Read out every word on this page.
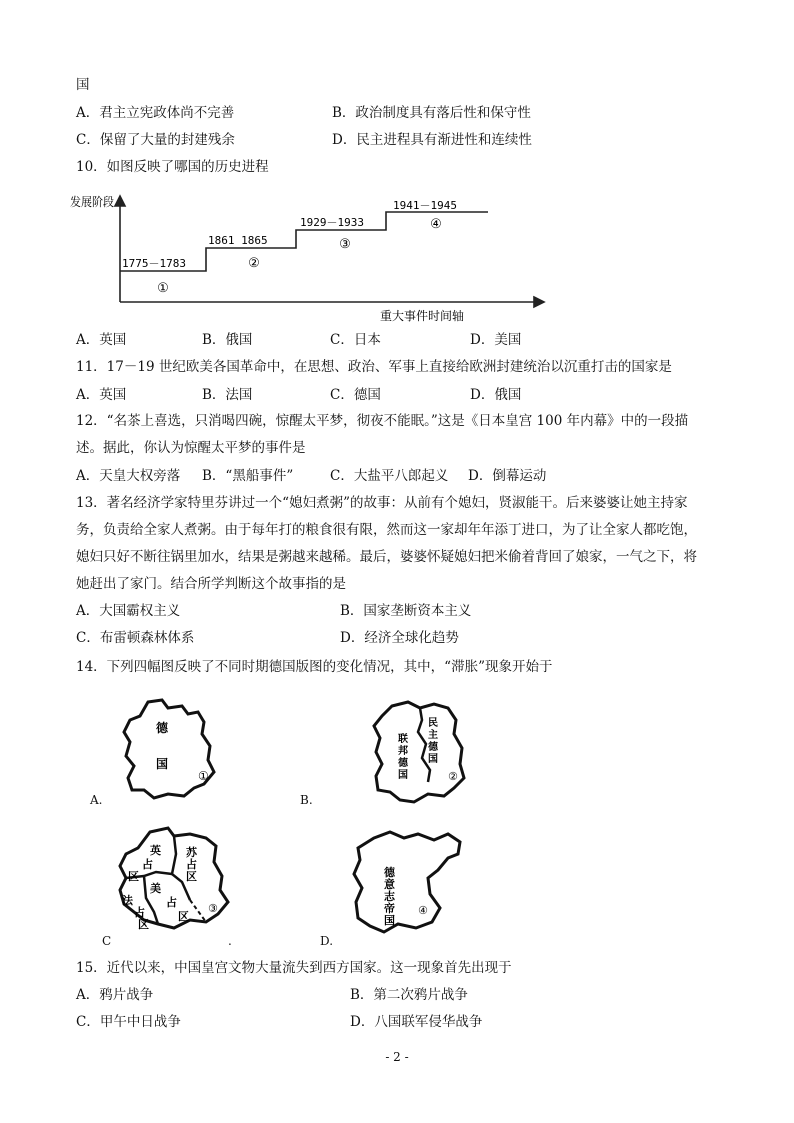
国
A．君主立宪政体尚不完善	B．政治制度具有落后性和保守性
C．保留了大量的封建残余	D．民主进程具有渐进性和连续性
10．如图反映了哪国的历史进程
发展阶段
1775－1783
①
1861 1865
②
1929－1933
③
1941－1945
④
重大事件时间轴
A．英国	B．俄国	C．日本	D．美国
11．17－19 世纪欧美各国革命中，在思想、政治、军事上直接给欧洲封建统治以沉重打击的国家是
A．英国	B．法国	C．德国	D．俄国
12．“名茶上喜选，只消喝四碗，惊醒太平梦，彻夜不能眠。”这是《日本皇宫 100 年内幕》中的一段描
述。据此，你认为惊醒太平梦的事件是
A．天皇大权旁落 B．“黑船事件”	C．大盐平八郎起义 D．倒幕运动
13．著名经济学家特里芬讲过一个“媳妇煮粥”的故事：从前有个媳妇，贤淑能干。后来婆婆让她主持家
务，负责给全家人煮粥。由于每年打的粮食很有限，然而这一家却年年添丁进口，为了让全家人都吃饱，
媳妇只好不断往锅里加水，结果是粥越来越稀。最后，婆婆怀疑媳妇把米偷着背回了娘家，一气之下，将
她赶出了家门。结合所学判断这个故事指的是
A．大国霸权主义	B．国家垄断资本主义
C．布雷顿森林体系	D．经济全球化趋势
14．下列四幅图反映了不同时期德国版图的变化情况，其中，“滞胀”现象开始于
德
国
①
A.
民
主
德
国
联
邦
德
国	②
B.
英
占
区
苏
占
区
美
占
区
法
占
区
③
C	.
德
意
志
帝
国
④
D.
15．近代以来，中国皇宫文物大量流失到西方国家。这一现象首先出现于
A．鸦片战争	B．第二次鸦片战争
C．甲午中日战争	D．八国联军侵华战争
- 2 -
